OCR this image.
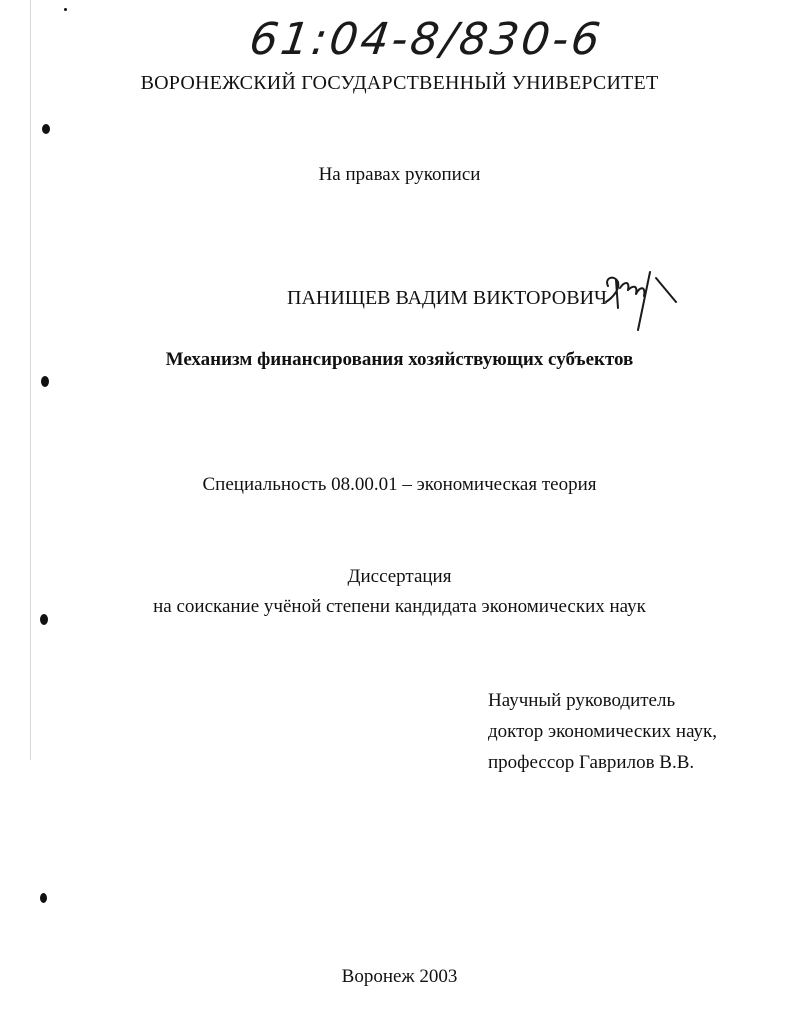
61:04-8/830-6
ВОРОНЕЖСКИЙ ГОСУДАРСТВЕННЫЙ УНИВЕРСИТЕТ
На правах рукописи
ПАНИЩЕВ ВАДИМ ВИКТОРОВИЧ
Механизм финансирования хозяйствующих субъектов
Специальность 08.00.01 – экономическая теория
Диссертация
на соискание учёной степени кандидата экономических наук
Научный руководитель
доктор экономических наук,
профессор Гаврилов В.В.
Воронеж 2003
